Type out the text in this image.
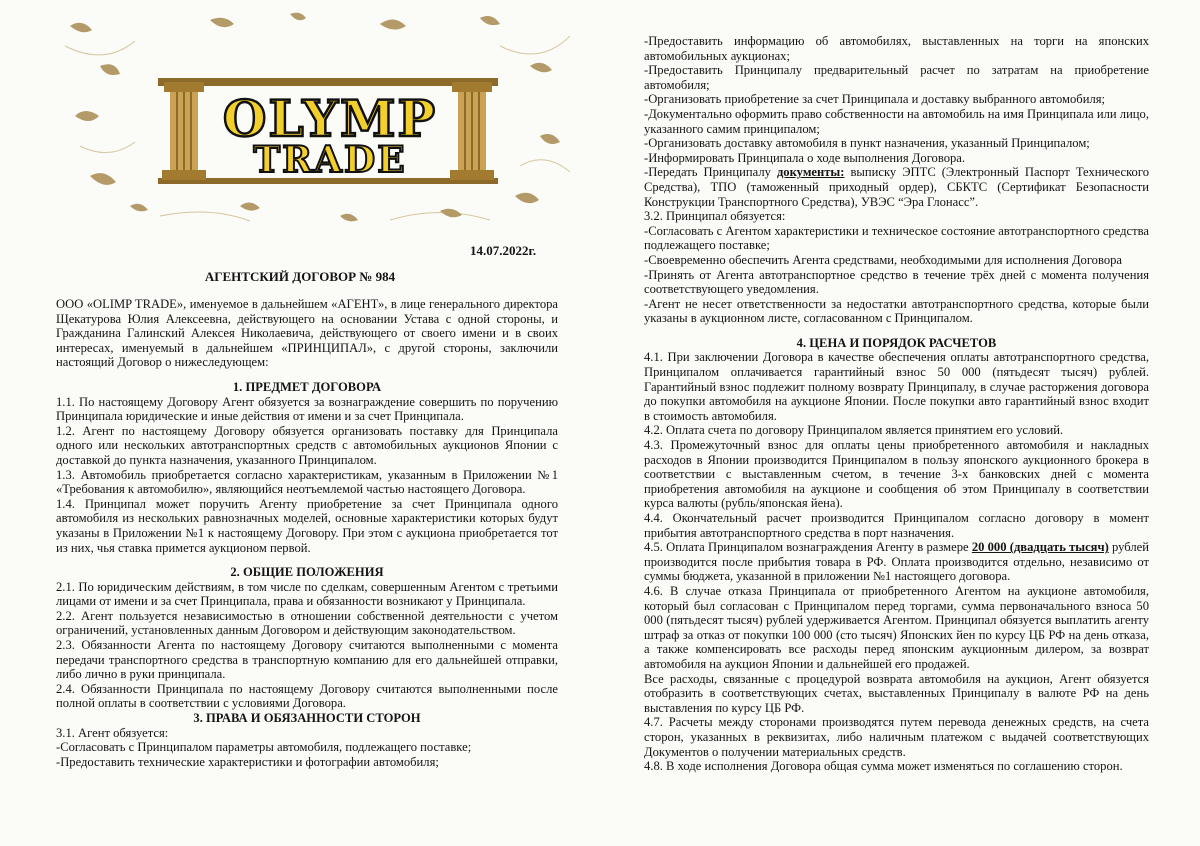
OLYMP
TRADE
14.07.2022г.
АГЕНТСКИЙ ДОГОВОР № 984

ООО «OLIMP TRADE», именуемое в дальнейшем «АГЕНТ», в лице генерального директора Щекатурова Юлия Алексеевна, действующего на основании Устава с одной стороны, и Гражданина Галинский Алексея Николаевича, действующего от своего имени и в своих интересах, именуемый в дальнейшем «ПРИНЦИПАЛ», с другой стороны, заключили настоящий Договор о нижеследующем:

1. ПРЕДМЕТ ДОГОВОРА

1.1. По настоящему Договору Агент обязуется за вознаграждение совершить по поручению Принципала юридические и иные действия от имени и за счет Принципала.

1.2. Агент по настоящему Договору обязуется организовать поставку для Принципала одного или нескольких автотранспортных средств с автомобильных аукционов Японии с доставкой до пункта назначения, указанного Принципалом.

1.3. Автомобиль приобретается согласно характеристикам, указанным в Приложении №1 «Требования к автомобилю», являющийся неотъемлемой частью настоящего Договора.

1.4. Принципал может поручить Агенту приобретение за счет Принципала одного автомобиля из нескольких равнозначных моделей, основные характеристики которых будут указаны в Приложении №1 к настоящему Договору. При этом с аукциона приобретается тот из них, чья ставка примется аукционом первой.

2. ОБЩИЕ ПОЛОЖЕНИЯ

2.1. По юридическим действиям, в том числе по сделкам, совершенным Агентом с третьими лицами от имени и за счет Принципала, права и обязанности возникают у Принципала.

2.2. Агент пользуется независимостью в отношении собственной деятельности с учетом ограничений, установленных данным Договором и действующим законодательством.

2.3. Обязанности Агента по настоящему Договору считаются выполненными с момента передачи транспортного средства в транспортную компанию для его дальнейшей отправки, либо лично в руки принципала.

2.4. Обязанности Принципала по настоящему Договору считаются выполненными после полной оплаты в соответствии с условиями Договора.

3. ПРАВА И ОБЯЗАННОСТИ СТОРОН

3.1. Агент обязуется:

-Согласовать с Принципалом параметры автомобиля, подлежащего поставке;

-Предоставить технические характеристики и фотографии автомобиля;

-Предоставить информацию об автомобилях, выставленных на торги на японских автомобильных аукционах;

-Предоставить Принципалу предварительный расчет по затратам на приобретение автомобиля;

-Организовать приобретение за счет Принципала и доставку выбранного автомобиля;

-Документально оформить право собственности на автомобиль на имя Принципала или лицо, указанного самим принципалом;

-Организовать доставку автомобиля в пункт назначения, указанный Принципалом;

-Информировать Принципала о ходе выполнения Договора.

-Передать Принципалу документы: выписку ЭПТС (Электронный Паспорт Технического Средства), ТПО (таможенный приходный ордер), СБКТС (Сертификат Безопасности Конструкции Транспортного Средства), УВЭС “Эра Глонасс”.

3.2. Принципал обязуется:

-Согласовать с Агентом характеристики и техническое состояние автотранспортного средства подлежащего поставке;

-Своевременно обеспечить Агента средствами, необходимыми для исполнения Договора

-Принять от Агента автотранспортное средство в течение трёх дней с момента получения соответствующего уведомления.

-Агент не несет ответственности за недостатки автотранспортного средства, которые были указаны в аукционном листе, согласованном с Принципалом.

4. ЦЕНА И ПОРЯДОК РАСЧЕТОВ

4.1. При заключении Договора в качестве обеспечения оплаты автотранспортного средства, Принципалом оплачивается гарантийный взнос 50 000 (пятьдесят тысяч) рублей. Гарантийный взнос подлежит полному возврату Принципалу, в случае расторжения договора до покупки автомобиля на аукционе Японии. После покупки авто гарантийный взнос входит в стоимость автомобиля.

4.2. Оплата счета по договору Принципалом является принятием его условий.

4.3. Промежуточный взнос для оплаты цены приобретенного автомобиля и накладных расходов в Японии производится Принципалом в пользу японского аукционного брокера в соответствии с выставленным счетом, в течение 3-х банковских дней с момента приобретения автомобиля на аукционе и сообщения об этом Принципалу в соответствии курса валюты (рубль/японская йена).

4.4. Окончательный расчет производится Принципалом согласно договору в момент прибытия автотранспортного средства в порт назначения.

4.5. Оплата Принципалом вознаграждения Агенту в размере 20 000 (двадцать тысяч) рублей производится после прибытия товара в РФ. Оплата производится отдельно, независимо от суммы бюджета, указанной в приложении №1 настоящего договора.

4.6. В случае отказа Принципала от приобретенного Агентом на аукционе автомобиля, который был согласован с Принципалом перед торгами, сумма первоначального взноса 50 000 (пятьдесят тысяч) рублей удерживается Агентом. Принципал обязуется выплатить агенту штраф за отказ от покупки 100 000 (сто тысяч) Японских йен по курсу ЦБ РФ на день отказа, а также компенсировать все расходы перед японским аукционным дилером, за возврат автомобиля на аукцион Японии и дальнейшей его продажей.

Все расходы, связанные с процедурой возврата автомобиля на аукцион, Агент обязуется отобразить в соответствующих счетах, выставленных Принципалу в валюте РФ на день выставления по курсу ЦБ РФ.

4.7. Расчеты между сторонами производятся путем перевода денежных средств, на счета сторон, указанных в реквизитах, либо наличным платежом с выдачей соответствующих Документов о получении материальных средств.

4.8. В ходе исполнения Договора общая сумма может изменяться по соглашению сторон.
